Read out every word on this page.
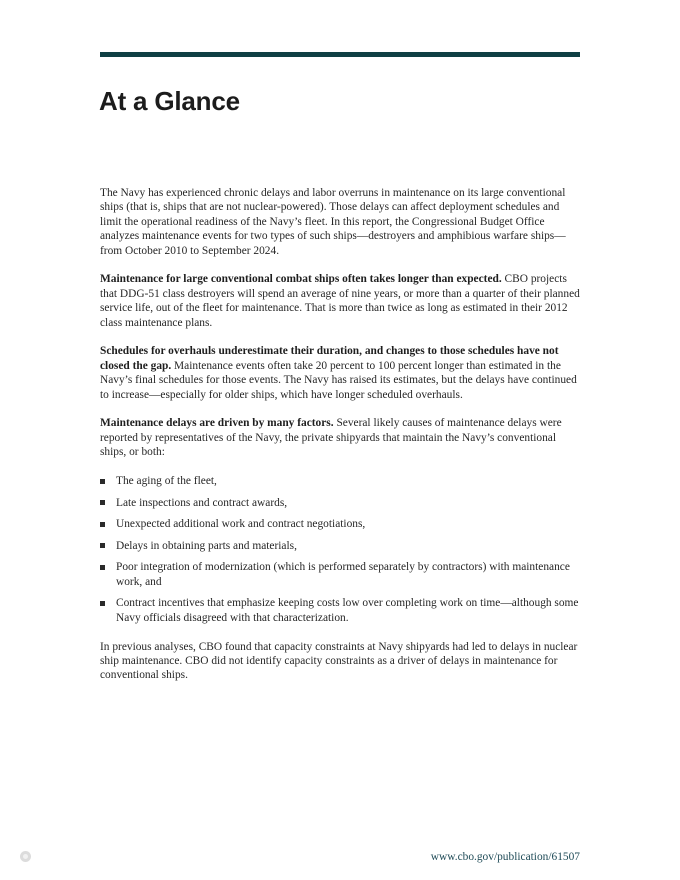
At a Glance

The Navy has experienced chronic delays and labor overruns in maintenance on its large conventional ships (that is, ships that are not nuclear-powered). Those delays can affect deployment schedules and limit the operational readiness of the Navy’s fleet. In this report, the Congressional Budget Office analyzes maintenance events for two types of such ships—destroyers and amphibious warfare ships—from October 2010 to September 2024.

Maintenance for large conventional combat ships often takes longer than expected. CBO projects that DDG-51 class destroyers will spend an average of nine years, or more than a quarter of their planned service life, out of the fleet for maintenance. That is more than twice as long as estimated in their 2012 class maintenance plans.

Schedules for overhauls underestimate their duration, and changes to those schedules have not closed the gap. Maintenance events often take 20 percent to 100 percent longer than estimated in the Navy’s final schedules for those events. The Navy has raised its estimates, but the delays have continued to increase—especially for older ships, which have longer scheduled overhauls.

Maintenance delays are driven by many factors. Several likely causes of maintenance delays were reported by representatives of the Navy, the private shipyards that maintain the Navy’s conventional ships, or both:

The aging of the fleet,
Late inspections and contract awards,
Unexpected additional work and contract negotiations,
Delays in obtaining parts and materials,
Poor integration of modernization (which is performed separately by contractors) with maintenance work, and
Contract incentives that emphasize keeping costs low over completing work on time—although some Navy officials disagreed with that characterization.

In previous analyses, CBO found that capacity constraints at Navy shipyards had led to delays in nuclear ship maintenance. CBO did not identify capacity constraints as a driver of delays in maintenance for conventional ships.

www.cbo.gov/publication/61507
